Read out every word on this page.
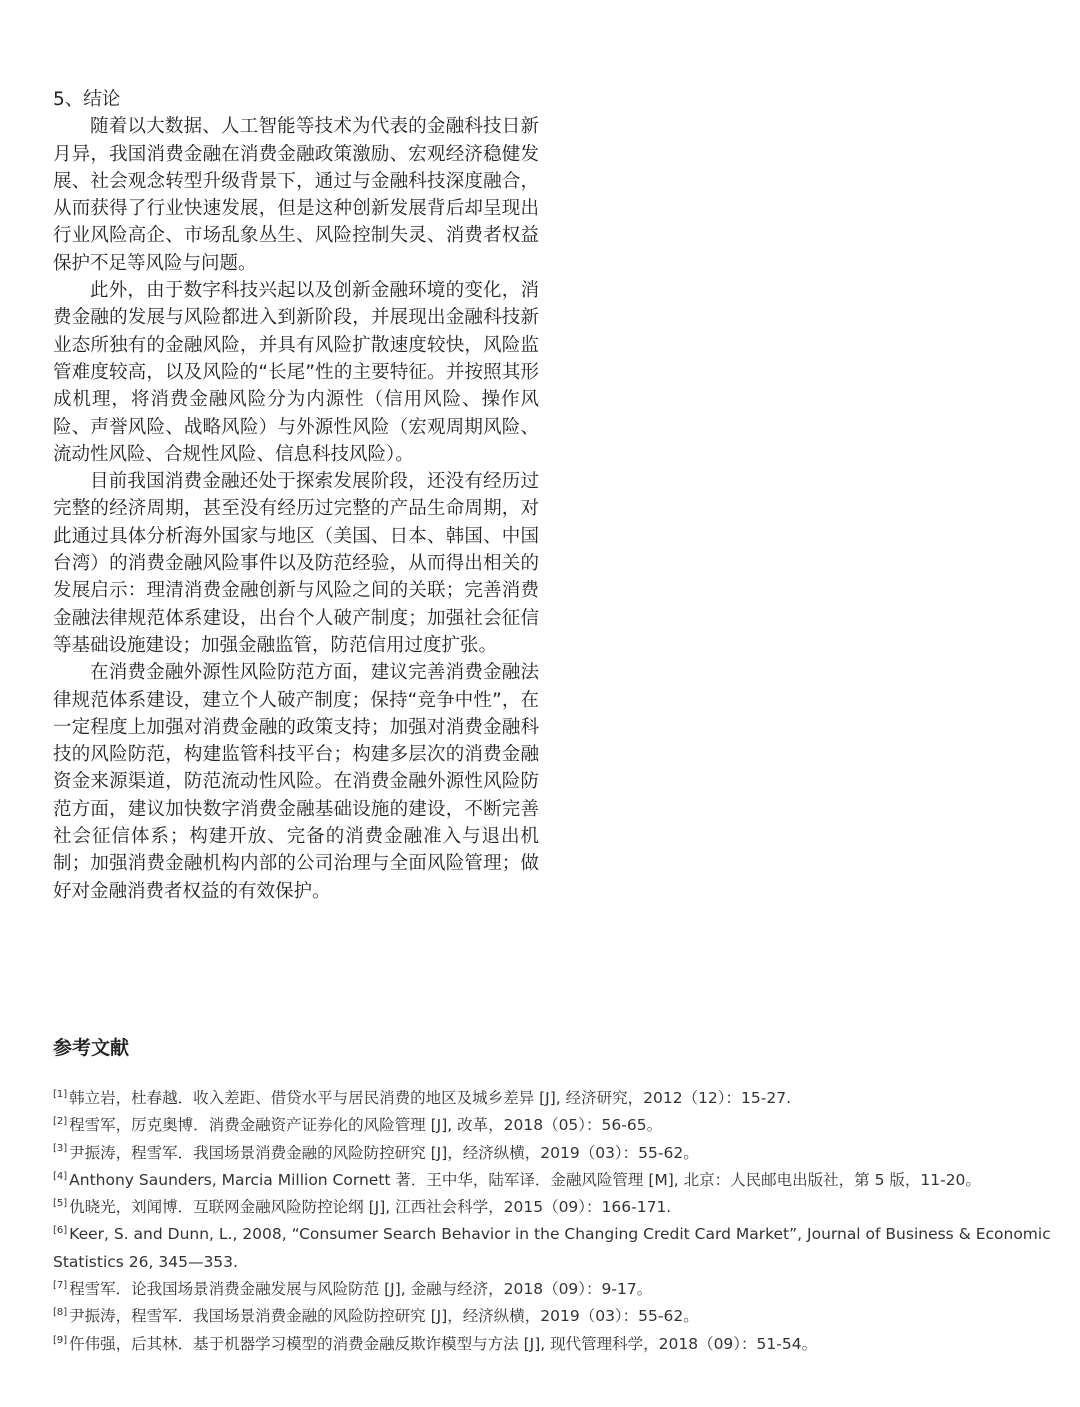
5、结论

随着以大数据、人工智能等技术为代表的金融科技日新月异，我国消费金融在消费金融政策激励、宏观经济稳健发展、社会观念转型升级背景下，通过与金融科技深度融合，从而获得了行业快速发展，但是这种创新发展背后却呈现出行业风险高企、市场乱象丛生、风险控制失灵、消费者权益保护不足等风险与问题。

此外，由于数字科技兴起以及创新金融环境的变化，消费金融的发展与风险都进入到新阶段，并展现出金融科技新业态所独有的金融风险，并具有风险扩散速度较快，风险监管难度较高，以及风险的“长尾”性的主要特征。并按照其形成机理，将消费金融风险分为内源性（信用风险、操作风险、声誉风险、战略风险）与外源性风险（宏观周期风险、流动性风险、合规性风险、信息科技风险）。

目前我国消费金融还处于探索发展阶段，还没有经历过完整的经济周期，甚至没有经历过完整的产品生命周期，对此通过具体分析海外国家与地区（美国、日本、韩国、中国台湾）的消费金融风险事件以及防范经验，从而得出相关的发展启示：理清消费金融创新与风险之间的关联；完善消费金融法律规范体系建设，出台个人破产制度；加强社会征信等基础设施建设；加强金融监管，防范信用过度扩张。

在消费金融外源性风险防范方面，建议完善消费金融法律规范体系建设，建立个人破产制度；保持“竞争中性”，在一定程度上加强对消费金融的政策支持；加强对消费金融科技的风险防范，构建监管科技平台；构建多层次的消费金融资金来源渠道，防范流动性风险。在消费金融外源性风险防范方面，建议加快数字消费金融基础设施的建设，不断完善社会征信体系；构建开放、完备的消费金融准入与退出机制；加强消费金融机构内部的公司治理与全面风险管理；做好对金融消费者权益的有效保护。

参考文献
[1] 韩立岩，杜春越．收入差距、借贷水平与居民消费的地区及城乡差异 [J], 经济研究，2012（12）：15-27.
[2] 程雪军，厉克奥博．消费金融资产证券化的风险管理 [J], 改革，2018（05）：56-65。
[3] 尹振涛，程雪军．我国场景消费金融的风险防控研究 [J]，经济纵横，2019（03）：55-62。
[4] Anthony Saunders, Marcia Million Cornett 著．王中华，陆军译．金融风险管理 [M], 北京：人民邮电出版社，第 5 版，11-20。
[5] 仇晓光，刘闻博．互联网金融风险防控论纲 [J], 江西社会科学，2015（09）：166-171.
[6] Keer, S. and Dunn, L., 2008, “Consumer Search Behavior in the Changing Credit Card Market”, Journal of Business & Economic Statistics 26, 345—353.
[7] 程雪军．论我国场景消费金融发展与风险防范 [J], 金融与经济，2018（09）：9-17。
[8] 尹振涛，程雪军．我国场景消费金融的风险防控研究 [J]，经济纵横，2019（03）：55-62。
[9] 仵伟强，后其林．基于机器学习模型的消费金融反欺诈模型与方法 [J], 现代管理科学，2018（09）：51-54。
